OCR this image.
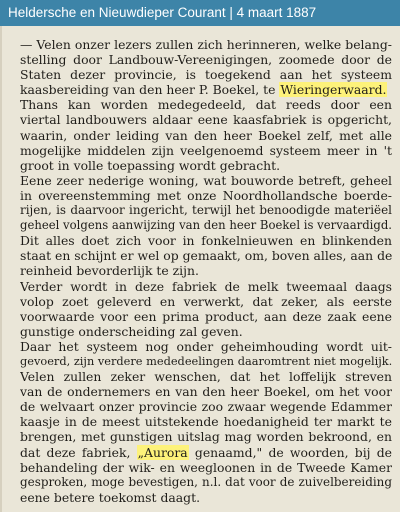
Heldersche en Nieuwdieper Courant | 4 maart 1887
— Velen onzer lezers zullen zich herinneren, welke belang-
stelling door Landbouw-Vereenigingen, zoomede door de
Staten dezer provincie, is toegekend aan het systeem
kaasbereiding van den heer P. Boekel, te Wieringerwaard.
Thans kan worden medegedeeld, dat reeds door een
viertal landbouwers aldaar eene kaasfabriek is opgericht,
waarin, onder leiding van den heer Boekel zelf, met alle
mogelijke middelen zijn veelgenoemd systeem meer in 't
groot in volle toepassing wordt gebracht.
Eene zeer nederige woning, wat bouworde betreft, geheel
in overeenstemming met onze Noordhollandsche boerde-
rijen, is daarvoor ingericht, terwijl het benoodigde materiëel
geheel volgens aanwijzing van den heer Boekel is vervaardigd.
Dit alles doet zich voor in fonkelnieuwen en blinkenden
staat en schijnt er wel op gemaakt, om, boven alles, aan de
reinheid bevorderlijk te zijn.
Verder wordt in deze fabriek de melk tweemaal daags
volop zoet geleverd en verwerkt, dat zeker, als eerste
voorwaarde voor een prima product, aan deze zaak eene
gunstige onderscheiding zal geven.
Daar het systeem nog onder geheimhouding wordt uit-
gevoerd, zijn verdere mededeelingen daaromtrent niet mogelijk.
Velen zullen zeker wenschen, dat het loffelijk streven
van de ondernemers en van den heer Boekel, om het voor
de welvaart onzer provincie zoo zwaar wegende Edammer
kaasje in de meest uitstekende hoedanigheid ter markt te
brengen, met gunstigen uitslag mag worden bekroond, en
dat deze fabriek, „Aurora genaamd," de woorden, bij de
behandeling der wik- en weegloonen in de Tweede Kamer
gesproken, moge bevestigen, n.l. dat voor de zuivelbereiding
eene betere toekomst daagt.
